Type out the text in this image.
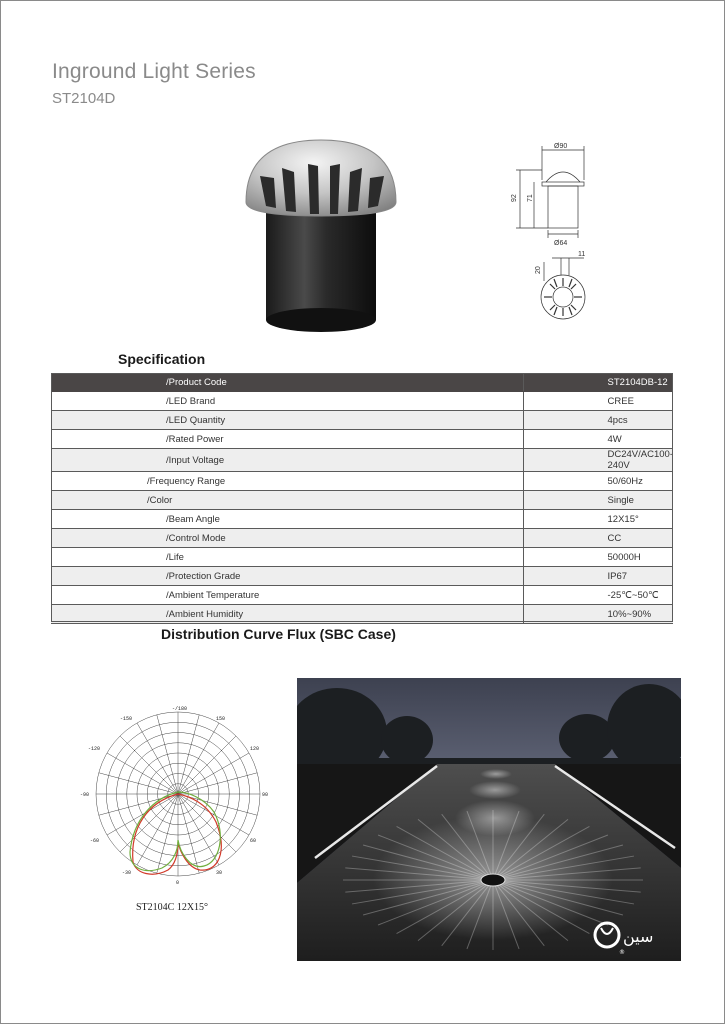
Inground Light Series
ST2104D
Ø90
Ø64
92 71
20
11
Specification
/Product Code	ST2104DB-12
/LED Brand	CREE
/LED Quantity	4pcs
/Rated Power	4W
/Input Voltage	DC24V/AC100-240V
/Frequency Range	50/60Hz
/Color	Single
/Beam Angle	12X15°
/Control Mode	CC
/Life	50000H
/Protection Grade	IP67
/Ambient Temperature	-25℃~50℃
/Ambient Humidity	10%~90%
Distribution Curve Flux (SBC Case)
-/180
150
-150
120
-120
90
-90
60
-60
30
-30
0
ST2104C 12X15°
سين
®
